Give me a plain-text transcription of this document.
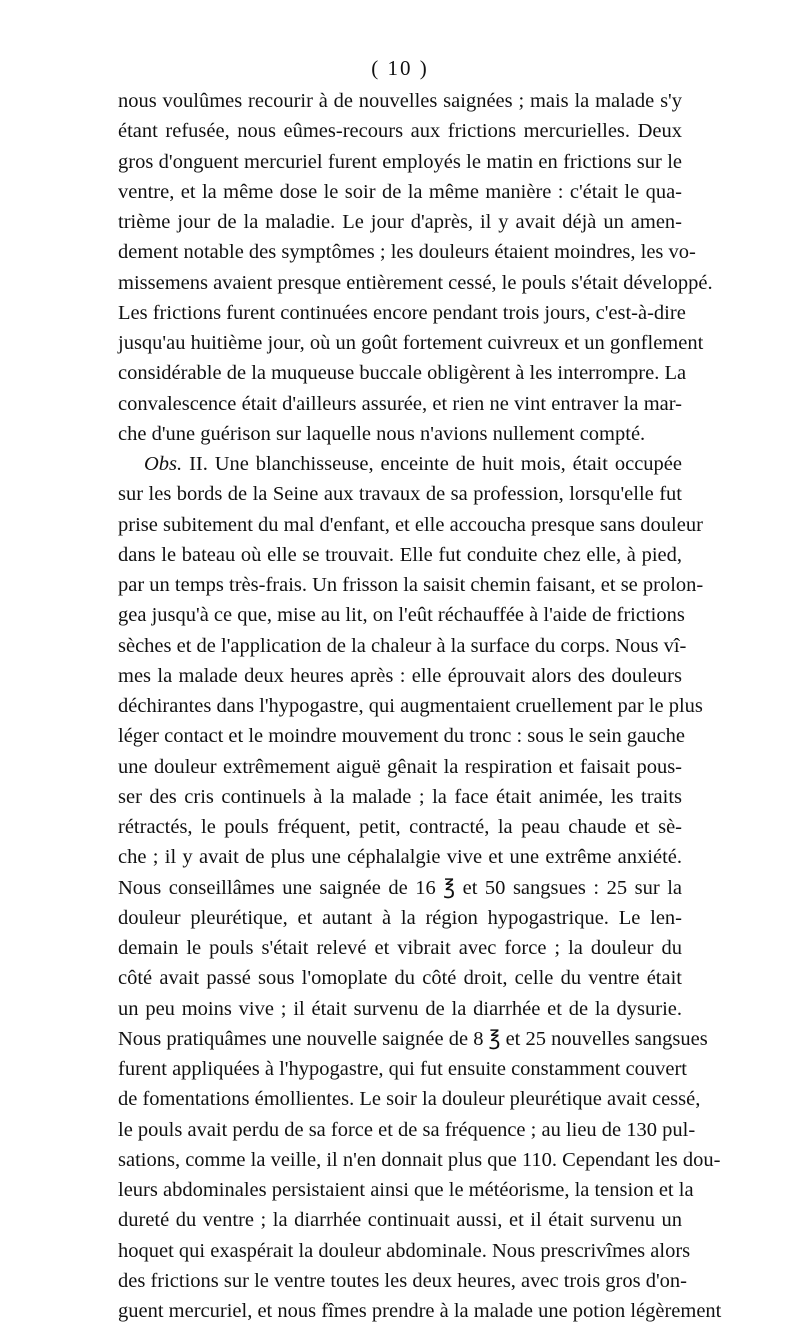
( 10 )
nous voulûmes recourir à de nouvelles saignées ; mais la malade s'y
étant refusée, nous eûmes-recours aux frictions mercurielles. Deux
gros d'onguent mercuriel furent employés le matin en frictions sur le
ventre, et la même dose le soir de la même manière : c'était le qua-
trième jour de la maladie. Le jour d'après, il y avait déjà un amen-
dement notable des symptômes ; les douleurs étaient moindres, les vo-
missemens avaient presque entièrement cessé, le pouls s'était développé.
Les frictions furent continuées encore pendant trois jours, c'est-à-dire
jusqu'au huitième jour, où un goût fortement cuivreux et un gonflement
considérable de la muqueuse buccale obligèrent à les interrompre. La
convalescence était d'ailleurs assurée, et rien ne vint entraver la mar-
che d'une guérison sur laquelle nous n'avions nullement compté.
Obs. II. Une blanchisseuse, enceinte de huit mois, était occupée
sur les bords de la Seine aux travaux de sa profession, lorsqu'elle fut
prise subitement du mal d'enfant, et elle accoucha presque sans douleur
dans le bateau où elle se trouvait. Elle fut conduite chez elle, à pied,
par un temps très-frais. Un frisson la saisit chemin faisant, et se prolon-
gea jusqu'à ce que, mise au lit, on l'eût réchauffée à l'aide de frictions
sèches et de l'application de la chaleur à la surface du corps. Nous vî-
mes la malade deux heures après : elle éprouvait alors des douleurs
déchirantes dans l'hypogastre, qui augmentaient cruellement par le plus
léger contact et le moindre mouvement du tronc : sous le sein gauche
une douleur extrêmement aiguë gênait la respiration et faisait pous-
ser des cris continuels à la malade ; la face était animée, les traits
rétractés, le pouls fréquent, petit, contracté, la peau chaude et sè-
che ; il y avait de plus une céphalalgie vive et une extrême anxiété.
Nous conseillâmes une saignée de 16 ℥ et 50 sangsues : 25 sur la
douleur pleurétique, et autant à la région hypogastrique. Le len-
demain le pouls s'était relevé et vibrait avec force ; la douleur du
côté avait passé sous l'omoplate du côté droit, celle du ventre était
un peu moins vive ; il était survenu de la diarrhée et de la dysurie.
Nous pratiquâmes une nouvelle saignée de 8 ℥ et 25 nouvelles sangsues
furent appliquées à l'hypogastre, qui fut ensuite constamment couvert
de fomentations émollientes. Le soir la douleur pleurétique avait cessé,
le pouls avait perdu de sa force et de sa fréquence ; au lieu de 130 pul-
sations, comme la veille, il n'en donnait plus que 110. Cependant les dou-
leurs abdominales persistaient ainsi que le météorisme, la tension et la
dureté du ventre ; la diarrhée continuait aussi, et il était survenu un
hoquet qui exaspérait la douleur abdominale. Nous prescrivîmes alors
des frictions sur le ventre toutes les deux heures, avec trois gros d'on-
guent mercuriel, et nous fîmes prendre à la malade une potion légèrement
